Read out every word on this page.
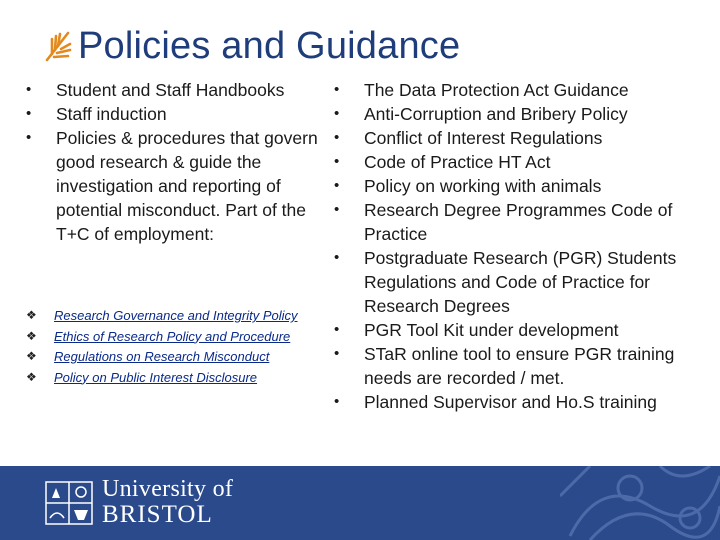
Policies and Guidance
•	Student and Staff Handbooks
•	Staff induction
•	Policies & procedures that govern good research & guide the investigation and reporting of potential misconduct. Part of the T+C of employment:
❖ Research Governance and Integrity Policy
❖ Ethics of Research Policy and Procedure
❖ Regulations on Research Misconduct
❖ Policy on Public Interest Disclosure
•	The Data Protection Act Guidance
•	Anti-Corruption and Bribery Policy
•	Conflict of Interest Regulations
•	Code of Practice HT Act
•	Policy on working with animals
•	Research Degree Programmes Code of Practice
•	Postgraduate Research (PGR) Students Regulations and Code of Practice for Research Degrees
•	PGR Tool Kit under development
•	STaR online tool to ensure PGR training needs are recorded / met.
•	Planned Supervisor and Ho.S training
University of
BRISTOL
